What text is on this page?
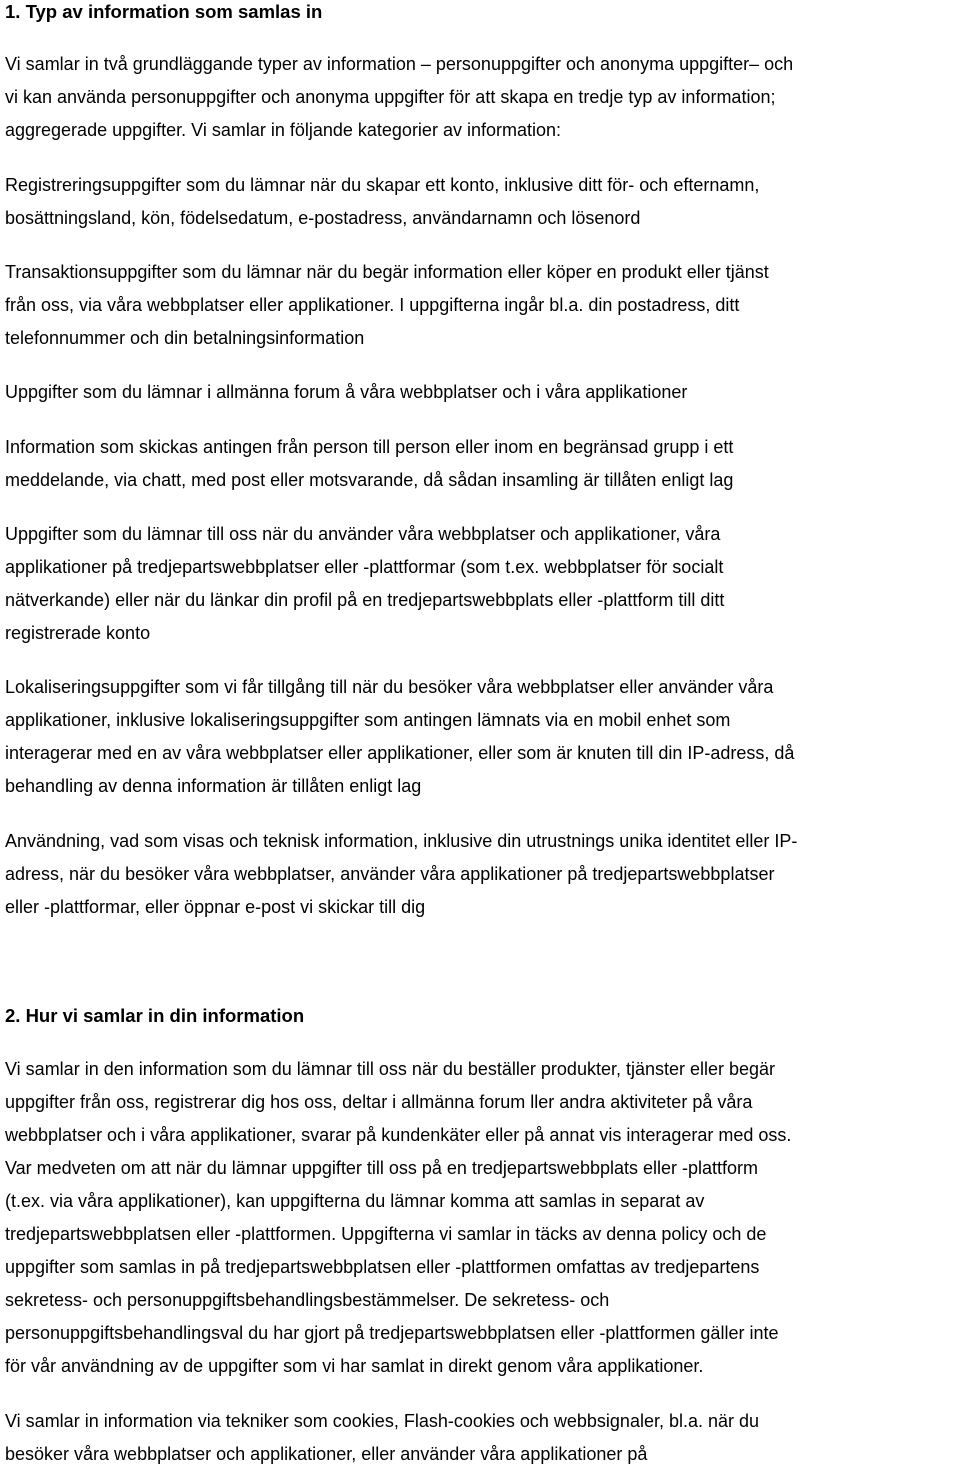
1. Typ av information som samlas in
Vi samlar in två grundläggande typer av information – personuppgifter och anonyma uppgifter– och
vi kan använda personuppgifter och anonyma uppgifter för att skapa en tredje typ av information;
aggregerade uppgifter. Vi samlar in följande kategorier av information:
Registreringsuppgifter som du lämnar när du skapar ett konto, inklusive ditt för- och efternamn,
bosättningsland, kön, födelsedatum, e-postadress, användarnamn och lösenord
Transaktionsuppgifter som du lämnar när du begär information eller köper en produkt eller tjänst
från oss, via våra webbplatser eller applikationer. I uppgifterna ingår bl.a. din postadress, ditt
telefonnummer och din betalningsinformation
Uppgifter som du lämnar i allmänna forum å våra webbplatser och i våra applikationer
Information som skickas antingen från person till person eller inom en begränsad grupp i ett
meddelande, via chatt, med post eller motsvarande, då sådan insamling är tillåten enligt lag
Uppgifter som du lämnar till oss när du använder våra webbplatser och applikationer, våra
applikationer på tredjepartswebbplatser eller -plattformar (som t.ex. webbplatser för socialt
nätverkande) eller när du länkar din profil på en tredjepartswebbplats eller -plattform till ditt
registrerade konto
Lokaliseringsuppgifter som vi får tillgång till när du besöker våra webbplatser eller använder våra
applikationer, inklusive lokaliseringsuppgifter som antingen lämnats via en mobil enhet som
interagerar med en av våra webbplatser eller applikationer, eller som är knuten till din IP-adress, då
behandling av denna information är tillåten enligt lag
Användning, vad som visas och teknisk information, inklusive din utrustnings unika identitet eller IP-
adress, när du besöker våra webbplatser, använder våra applikationer på tredjepartswebbplatser
eller -plattformar, eller öppnar e-post vi skickar till dig
2. Hur vi samlar in din information
Vi samlar in den information som du lämnar till oss när du beställer produkter, tjänster eller begär
uppgifter från oss, registrerar dig hos oss, deltar i allmänna forum ller andra aktiviteter på våra
webbplatser och i våra applikationer, svarar på kundenkäter eller på annat vis interagerar med oss.
Var medveten om att när du lämnar uppgifter till oss på en tredjepartswebbplats eller -plattform
(t.ex. via våra applikationer), kan uppgifterna du lämnar komma att samlas in separat av
tredjepartswebbplatsen eller -plattformen. Uppgifterna vi samlar in täcks av denna policy och de
uppgifter som samlas in på tredjepartswebbplatsen eller -plattformen omfattas av tredjepartens
sekretess- och personuppgiftsbehandlingsbestämmelser. De sekretess- och
personuppgiftsbehandlingsval du har gjort på tredjepartswebbplatsen eller -plattformen gäller inte
för vår användning av de uppgifter som vi har samlat in direkt genom våra applikationer.
Vi samlar in information via tekniker som cookies, Flash-cookies och webbsignaler, bl.a. när du
besöker våra webbplatser och applikationer, eller använder våra applikationer på
